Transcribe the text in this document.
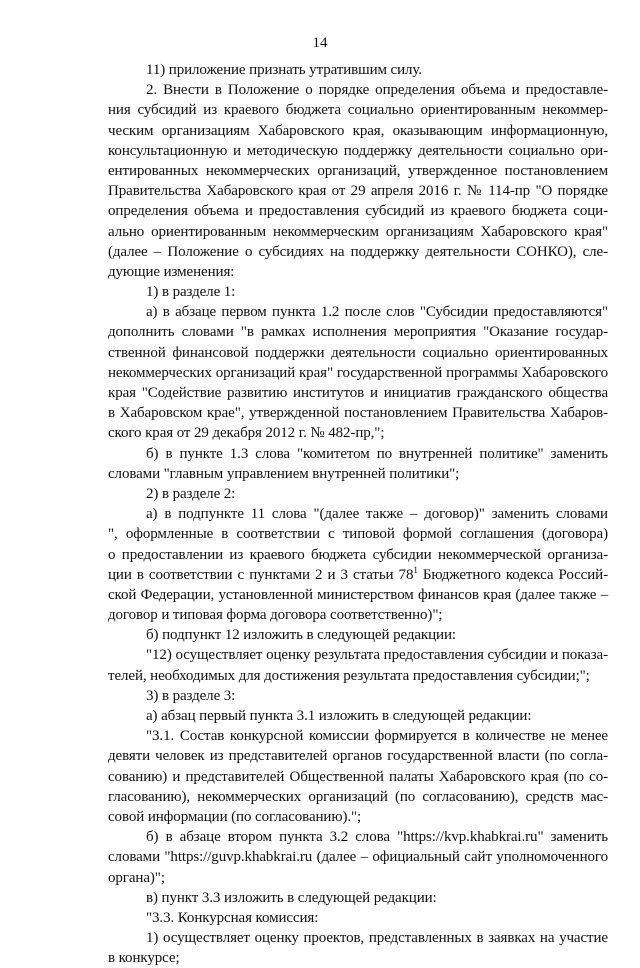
14
11) приложение признать утратившим силу.
2. Внести в Положение о порядке определения объема и предоставле-
ния субсидий из краевого бюджета социально ориентированным некоммер-
ческим организациям Хабаровского края, оказывающим информационную,
консультационную и методическую поддержку деятельности социально ори-
ентированных некоммерческих организаций, утвержденное постановлением
Правительства Хабаровского края от 29 апреля 2016 г. № 114-пр "О порядке
определения объема и предоставления субсидий из краевого бюджета соци-
ально ориентированным некоммерческим организациям Хабаровского края"
(далее – Положение о субсидиях на поддержку деятельности СОНКО), сле-
дующие изменения:
1) в разделе 1:
а) в абзаце первом пункта 1.2 после слов "Субсидии предоставляются"
дополнить словами "в рамках исполнения мероприятия "Оказание государ-
ственной финансовой поддержки деятельности социально ориентированных
некоммерческих организаций края" государственной программы Хабаровского
края "Содействие развитию институтов и инициатив гражданского общества
в Хабаровском крае", утвержденной постановлением Правительства Хабаров-
ского края от 29 декабря 2012 г. № 482-пр,";
б) в пункте 1.3 слова "комитетом по внутренней политике" заменить
словами "главным управлением внутренней политики";
2) в разделе 2:
а) в подпункте 11 слова "(далее также – договор)" заменить словами
", оформленные в соответствии с типовой формой соглашения (договора)
о предоставлении из краевого бюджета субсидии некоммерческой организа-
ции в соответствии с пунктами 2 и 3 статьи $78^1$ Бюджетного кодекса Россий-
ской Федерации, установленной министерством финансов края (далее также –
договор и типовая форма договора соответственно)";
б) подпункт 12 изложить в следующей редакции:
"12) осуществляет оценку результата предоставления субсидии и показа-
телей, необходимых для достижения результата предоставления субсидии;";
3) в разделе 3:
а) абзац первый пункта 3.1 изложить в следующей редакции:
"3.1. Состав конкурсной комиссии формируется в количестве не менее
девяти человек из представителей органов государственной власти (по согла-
сованию) и представителей Общественной палаты Хабаровского края (по со-
гласованию), некоммерческих организаций (по согласованию), средств мас-
совой информации (по согласованию).";
б) в абзаце втором пункта 3.2 слова "https://kvp.khabkrai.ru" заменить
словами "https://guvp.khabkrai.ru (далее – официальный сайт уполномоченного
органа)";
в) пункт 3.3 изложить в следующей редакции:
"3.3. Конкурсная комиссия:
1) осуществляет оценку проектов, представленных в заявках на участие
в конкурсе;
